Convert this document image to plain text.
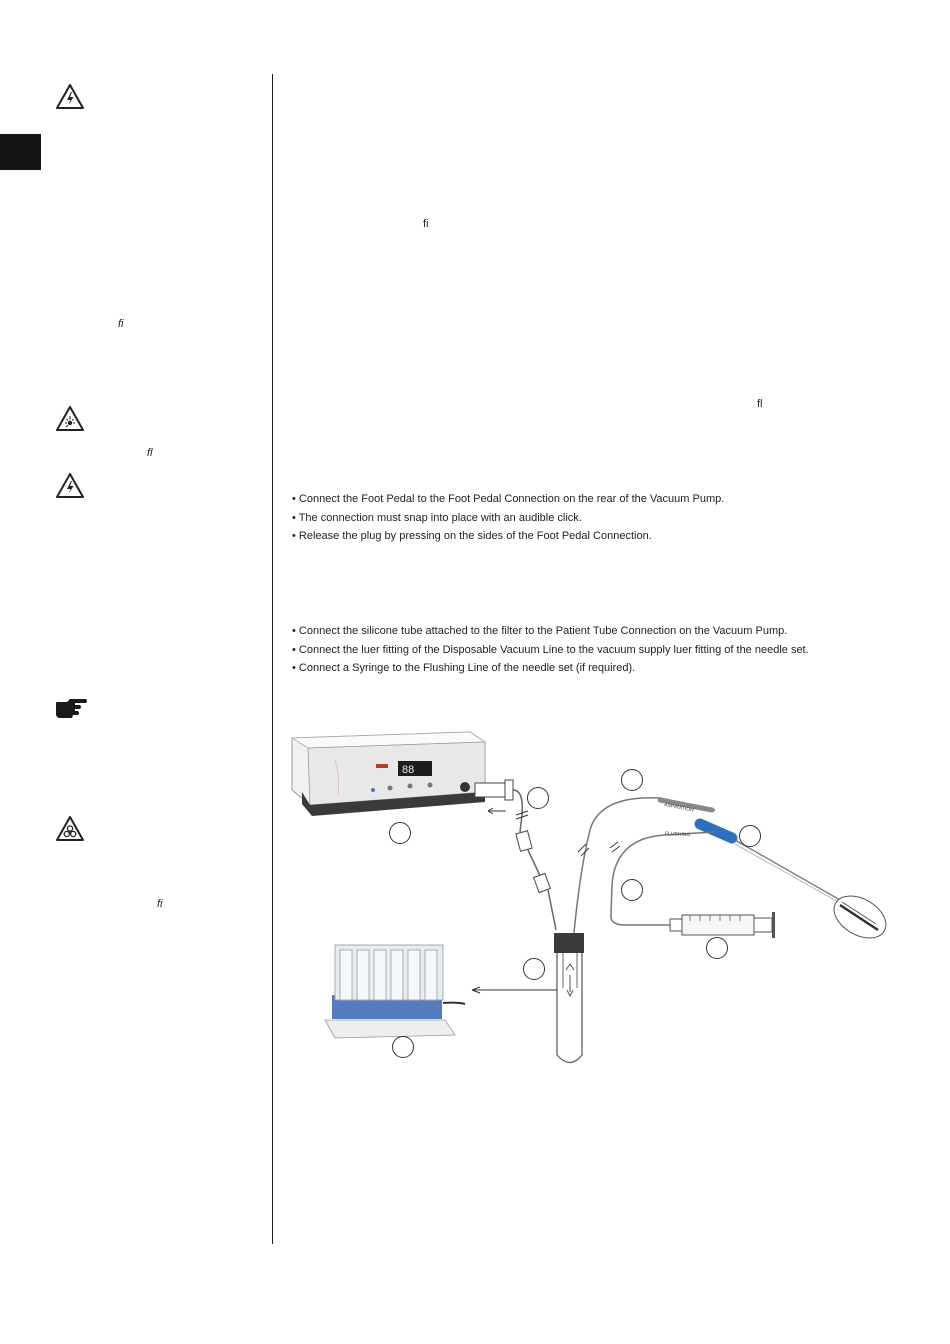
ﬁ
ﬂ
ﬁ
ﬁ
ﬂ
• Connect the Foot Pedal to the Foot Pedal Connection on the rear of the Vacuum Pump.
• The connection must snap into place with an audible click.
• Release the plug by pressing on the sides of the Foot Pedal Connection.
• Connect the silicone tube attached to the filter to the Patient Tube Connection on the Vacuum Pump.
• Connect the luer fitting of the Disposable Vacuum Line to the vacuum supply luer fitting of the needle set.
• Connect a Syringe to the Flushing Line of the needle set (if required).
88
ASPIRATION
FLUSHING
